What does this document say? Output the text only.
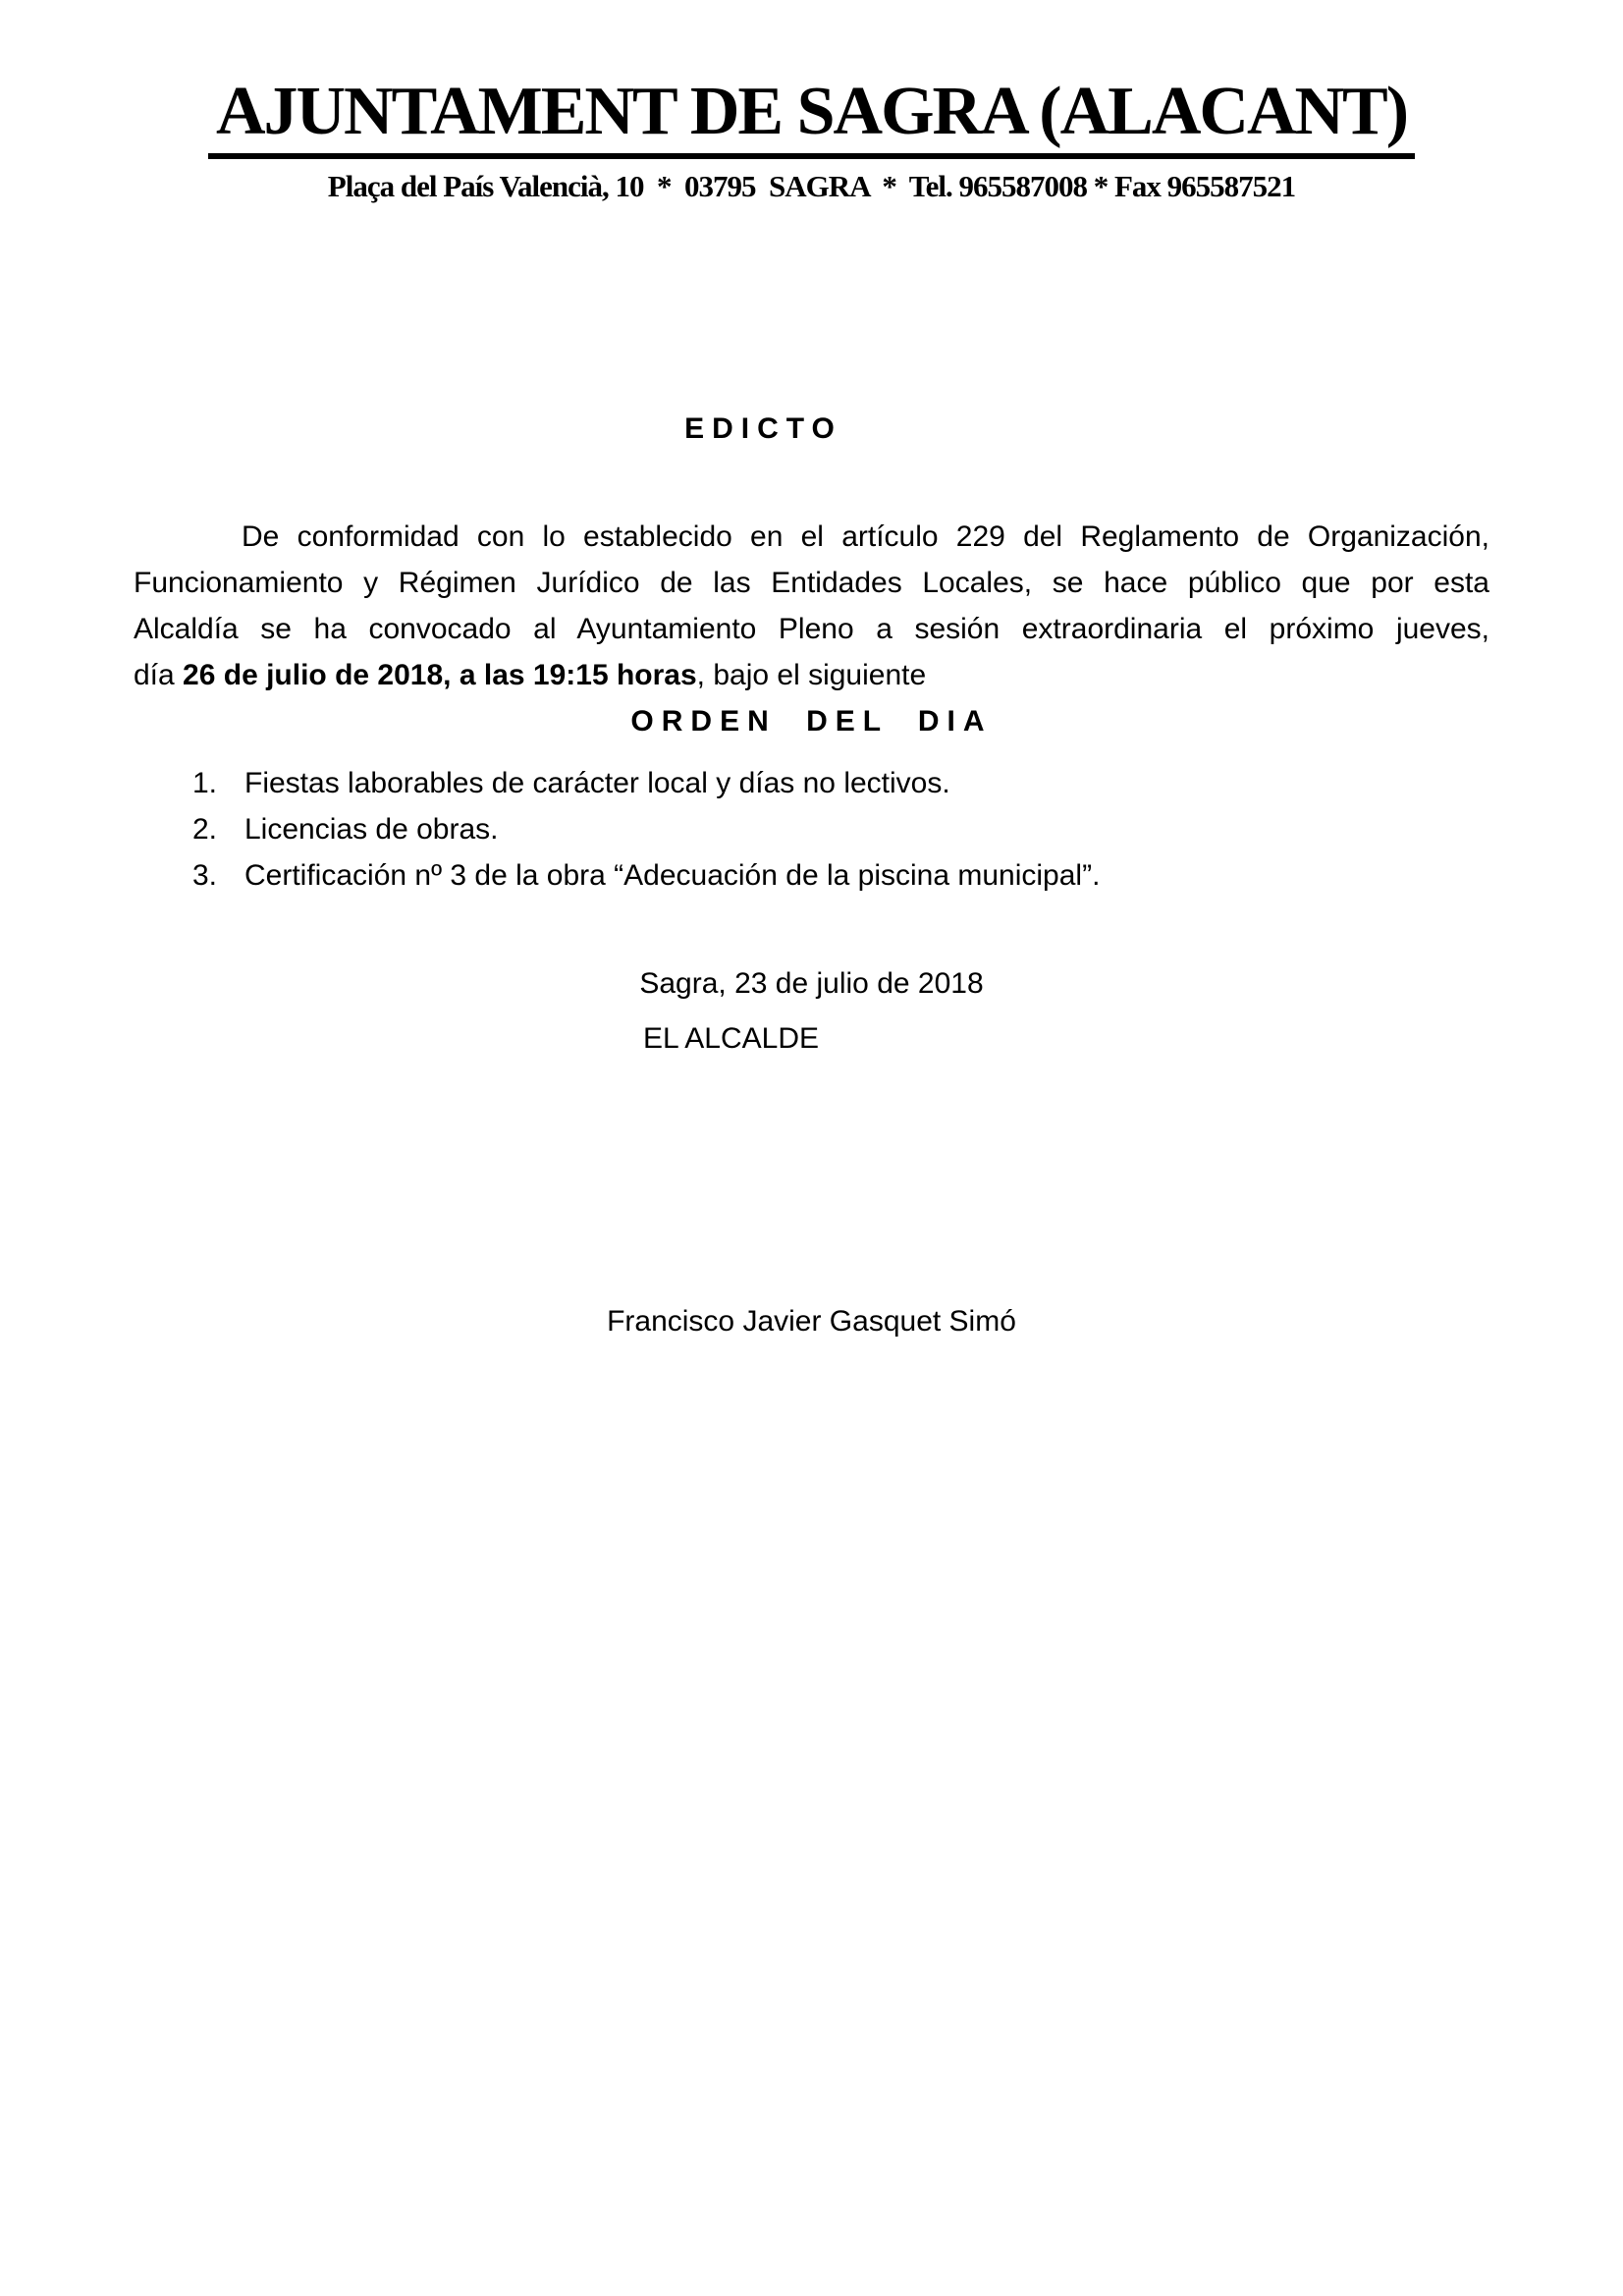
AJUNTAMENT DE SAGRA (ALACANT)
Plaça del País Valencià, 10  *  03795  SAGRA  *  Tel. 965587008 * Fax 965587521
EDICTO
De conformidad con lo establecido en el artículo 229 del Reglamento de Organización,
Funcionamiento y Régimen Jurídico de las Entidades Locales, se hace público que por esta
Alcaldía se ha convocado al Ayuntamiento Pleno a sesión extraordinaria el próximo jueves,
día 26 de julio de 2018, a las 19:15 horas, bajo el siguiente
ORDEN DEL DIA
1. Fiestas laborables de carácter local y días no lectivos.
2. Licencias de obras.
3. Certificación nº 3 de la obra “Adecuación de la piscina municipal”.
Sagra, 23 de julio de 2018
EL ALCALDE
Francisco Javier Gasquet Simó
